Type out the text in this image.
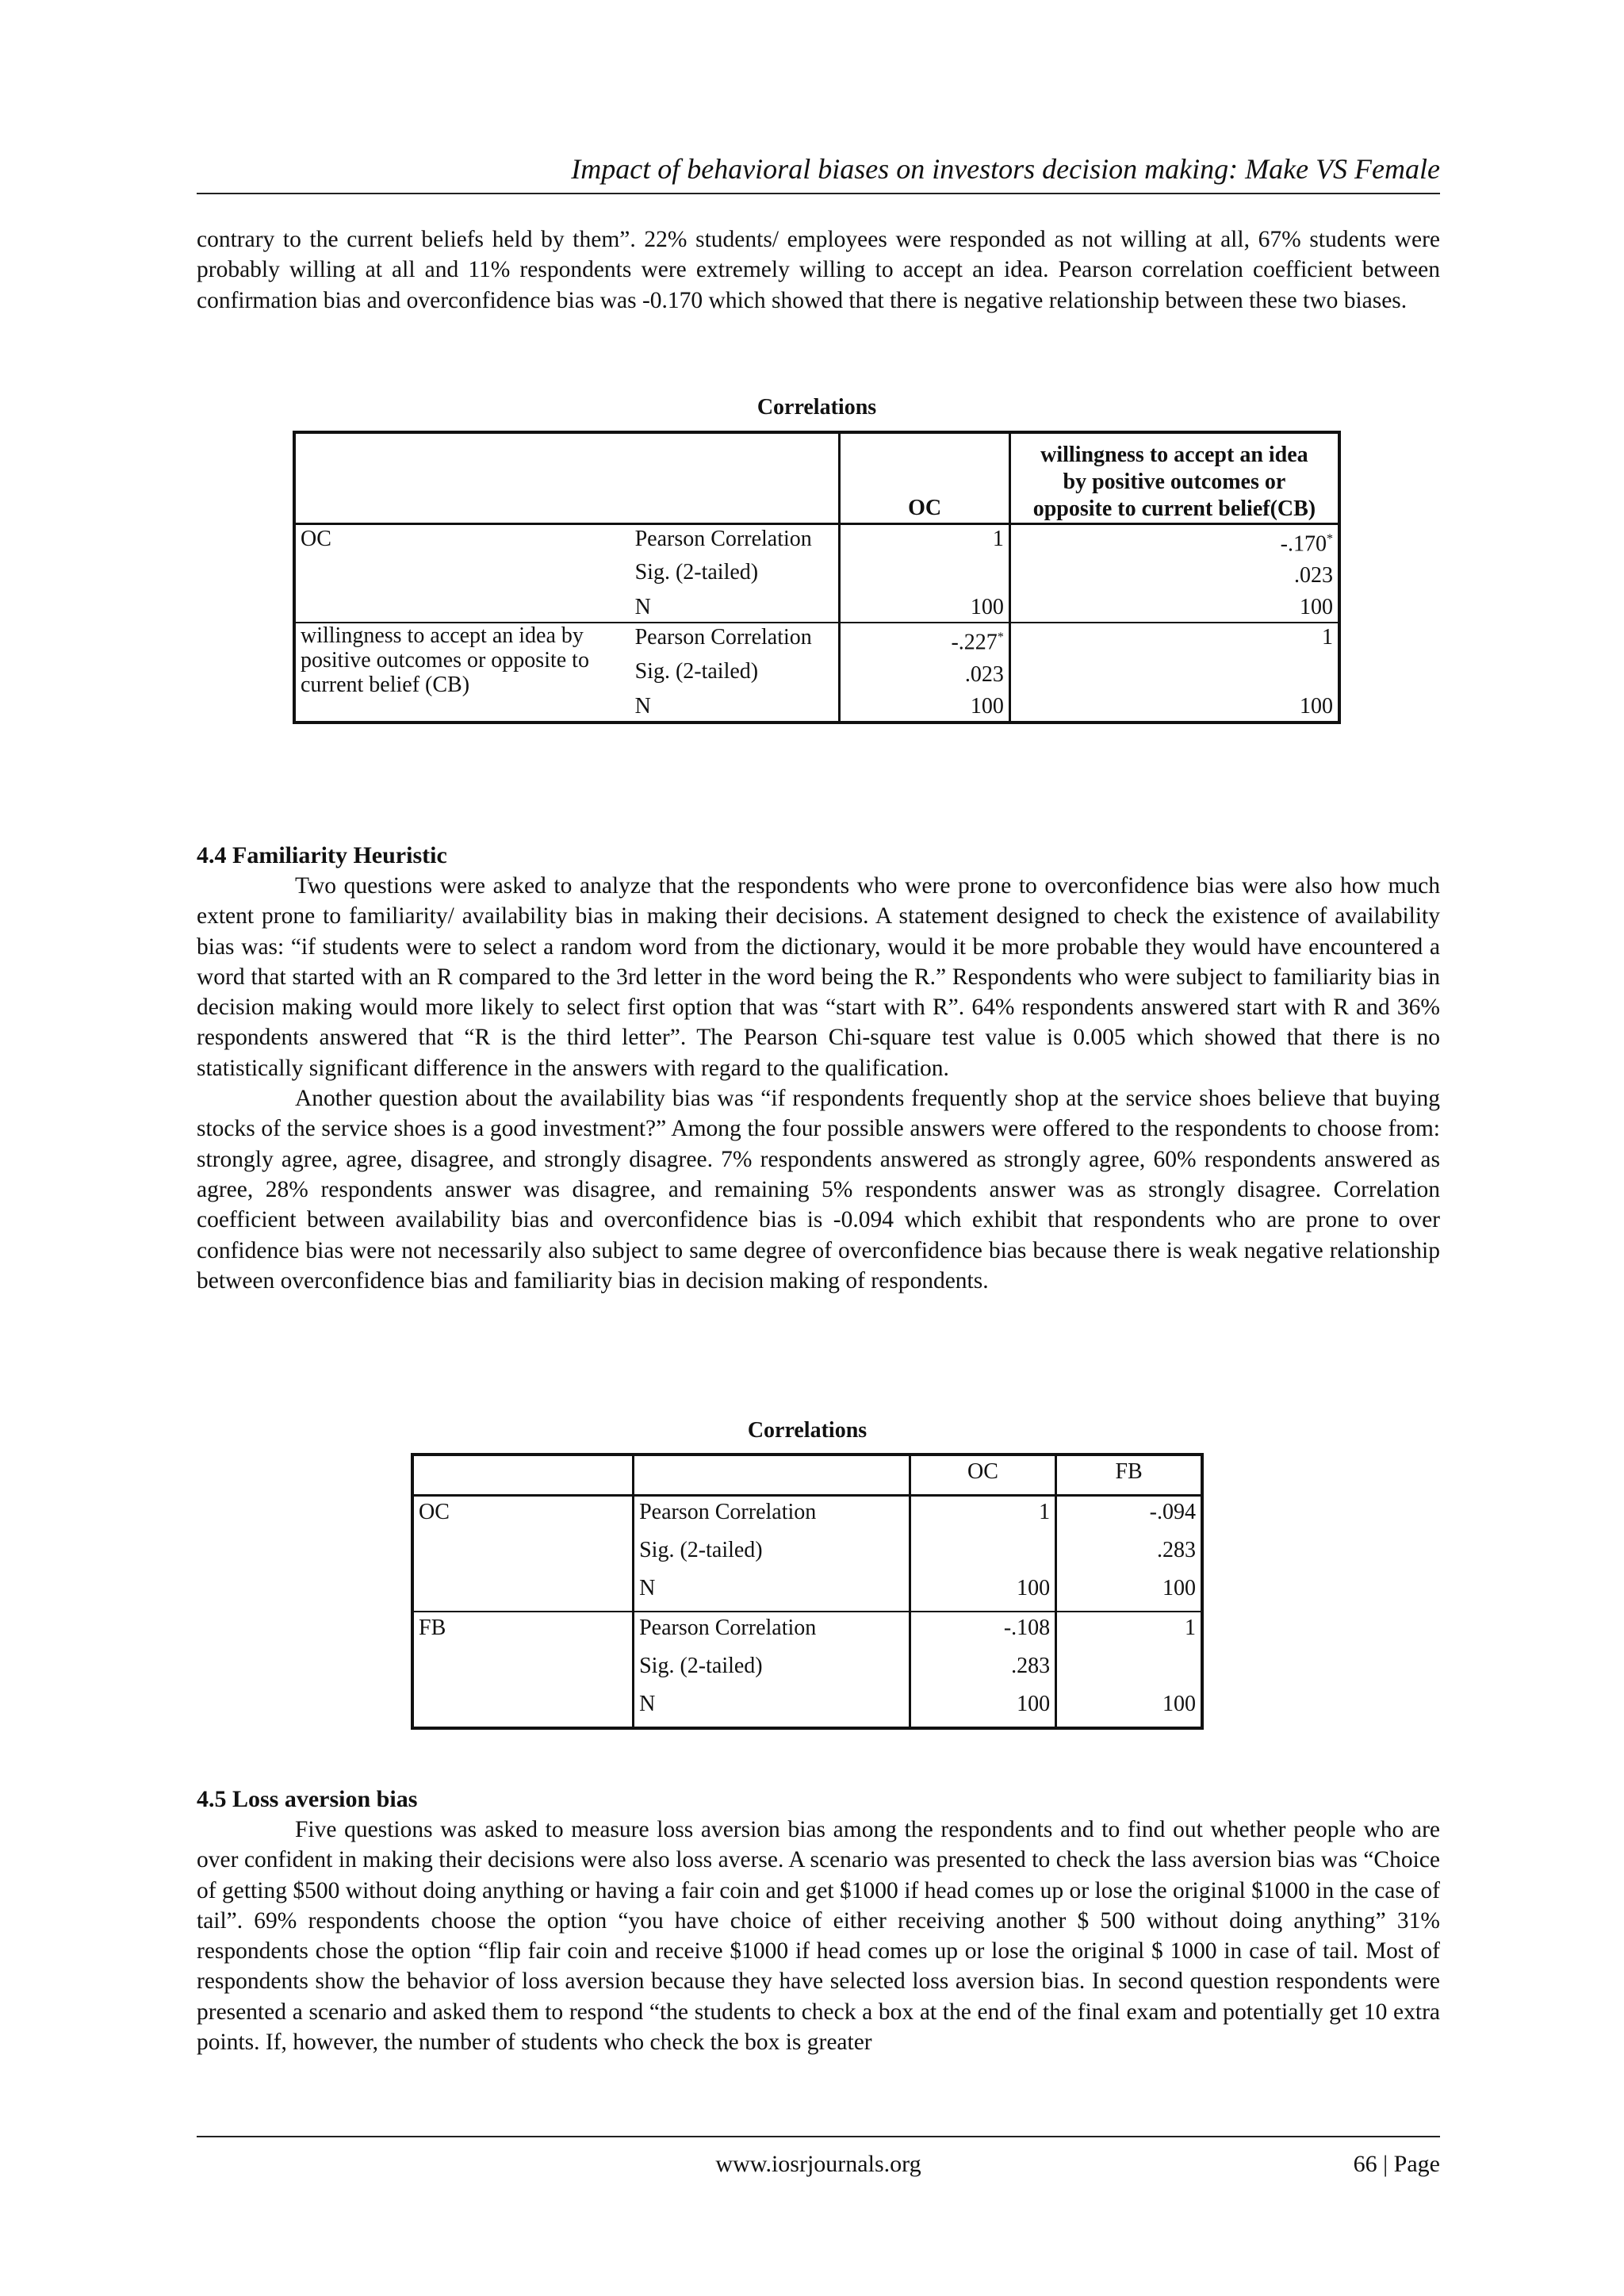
Impact of behavioral biases on investors decision making: Make VS Female

contrary to the current beliefs held by them”. 22% students/ employees were responded as not willing at all, 67% students were probably willing at all and 11% respondents were extremely willing to accept an idea. Pearson correlation coefficient between confirmation bias and overconfidence bias was -0.170 which showed that there is negative relationship between these two biases.

Correlations
		OC	willingness to accept an idea
by positive outcomes or
opposite to current belief(CB)

OC	Pearson Correlation	1	-.170*
	Sig. (2-tailed)		.023
	N	100	100
willingness to accept an idea by positive outcomes or opposite to current belief (CB)	Pearson Correlation	-.227*	1
	Sig. (2-tailed)	.023	
	N	100	100
4.4 Familiarity Heuristic

Two questions were asked to analyze that the respondents who were prone to overconfidence bias were also how much extent prone to familiarity/ availability bias in making their decisions. A statement designed to check the existence of availability bias was: “if students were to select a random word from the dictionary, would it be more probable they would have encountered a word that started with an R compared to the 3rd letter in the word being the R.” Respondents who were subject to familiarity bias in decision making would more likely to select first option that was “start with R”. 64% respondents answered start with R and 36% respondents answered that “R is the third letter”. The Pearson Chi-square test value is 0.005 which showed that there is no statistically significant difference in the answers with regard to the qualification.

Another question about the availability bias was “if respondents frequently shop at the service shoes believe that buying stocks of the service shoes is a good investment?” Among the four possible answers were offered to the respondents to choose from: strongly agree, agree, disagree, and strongly disagree. 7% respondents answered as strongly agree, 60% respondents answered as agree, 28% respondents answer was disagree, and remaining 5% respondents answer was as strongly disagree. Correlation coefficient between availability bias and overconfidence bias is -0.094 which exhibit that respondents who are prone to over confidence bias were not necessarily also subject to same degree of overconfidence bias because there is weak negative relationship between overconfidence bias and familiarity bias in decision making of respondents.

Correlations
		OC	FB
OC	Pearson Correlation	1	-.094
	Sig. (2-tailed)		.283
	N	100	100
FB	Pearson Correlation	-.108	1
	Sig. (2-tailed)	.283	
	N	100	100
4.5 Loss aversion bias

Five questions was asked to measure loss aversion bias among the respondents and to find out whether people who are over confident in making their decisions were also loss averse. A scenario was presented to check the lass aversion bias was “Choice of getting $500 without doing anything or having a fair coin and get $1000 if head comes up or lose the original $1000 in the case of tail”. 69% respondents choose the option “you have choice of either receiving another $ 500 without doing anything” 31% respondents chose the option “flip fair coin and receive $1000 if head comes up or lose the original $ 1000 in case of tail. Most of respondents show the behavior of loss aversion because they have selected loss aversion bias. In second question respondents were presented a scenario and asked them to respond “the students to check a box at the end of the final exam and potentially get 10 extra points. If, however, the number of students who check the box is greater

www.iosrjournals.org	66 | Page
